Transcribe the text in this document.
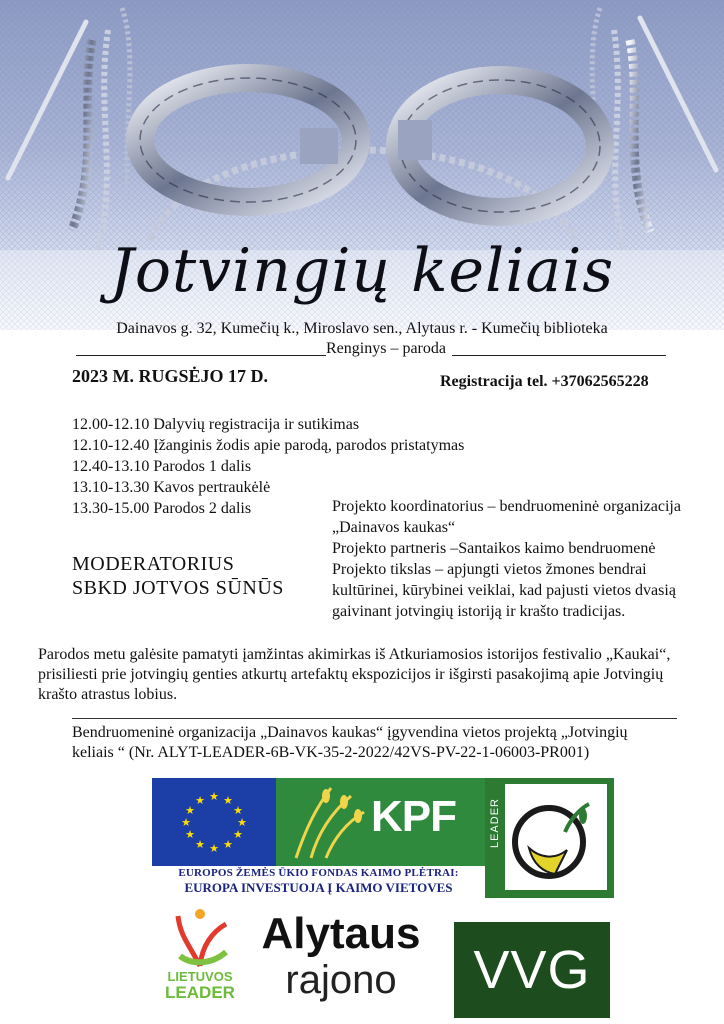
Jotvingių keliais
Dainavos g. 32, Kumečių k., Miroslavo sen., Alytaus r. - Kumečių biblioteka
Renginys – paroda
2023 M. RUGSĖJO 17 D.	Registracija tel. +37062565228
12.00-12.10 Dalyvių registracija ir sutikimas
12.10-12.40 Įžanginis žodis apie parodą, parodos pristatymas
12.40-13.10 Parodos 1 dalis
13.10-13.30 Kavos pertraukėlė
13.30-15.00 Parodos 2 dalis	Projekto koordinatorius – bendruomeninė organizacija
„Dainavos kaukas“
Projekto partneris –Santaikos kaimo bendruomenė
Projekto tikslas – apjungti vietos žmones bendrai
kultūrinei, kūrybinei veiklai, kad pajusti vietos dvasią
gaivinant jotvingių istoriją ir krašto tradicijas.
MODERATORIUS
SBKD JOTVOS SŪNŪS
Parodos metu galėsite pamatyti įamžintas akimirkas iš Atkuriamosios istorijos festivalio „Kaukai“, prisiliesti prie jotvingių genties atkurtų artefaktų ekspozicijos ir išgirsti pasakojimą apie Jotvingių krašto atrastus lobius.
Bendruomeninė organizacija „Dainavos kaukas“ įgyvendina vietos projektą „Jotvingių keliais “ (Nr. ALYT-LEADER-6B-VK-35-2-2022/42VS-PV-22-1-06003-PR001)
★ ★
★
★
★
★
★
★
★
★
★
★	KPF	LEADER
EUROPOS ŽEMĖS ŪKIO FONDAS KAIMO PLĖTRAI:
EUROPA INVESTUOJA Į KAIMO VIETOVES
LIETUVOS
LEADER
Alytaus
rajono	VVG
